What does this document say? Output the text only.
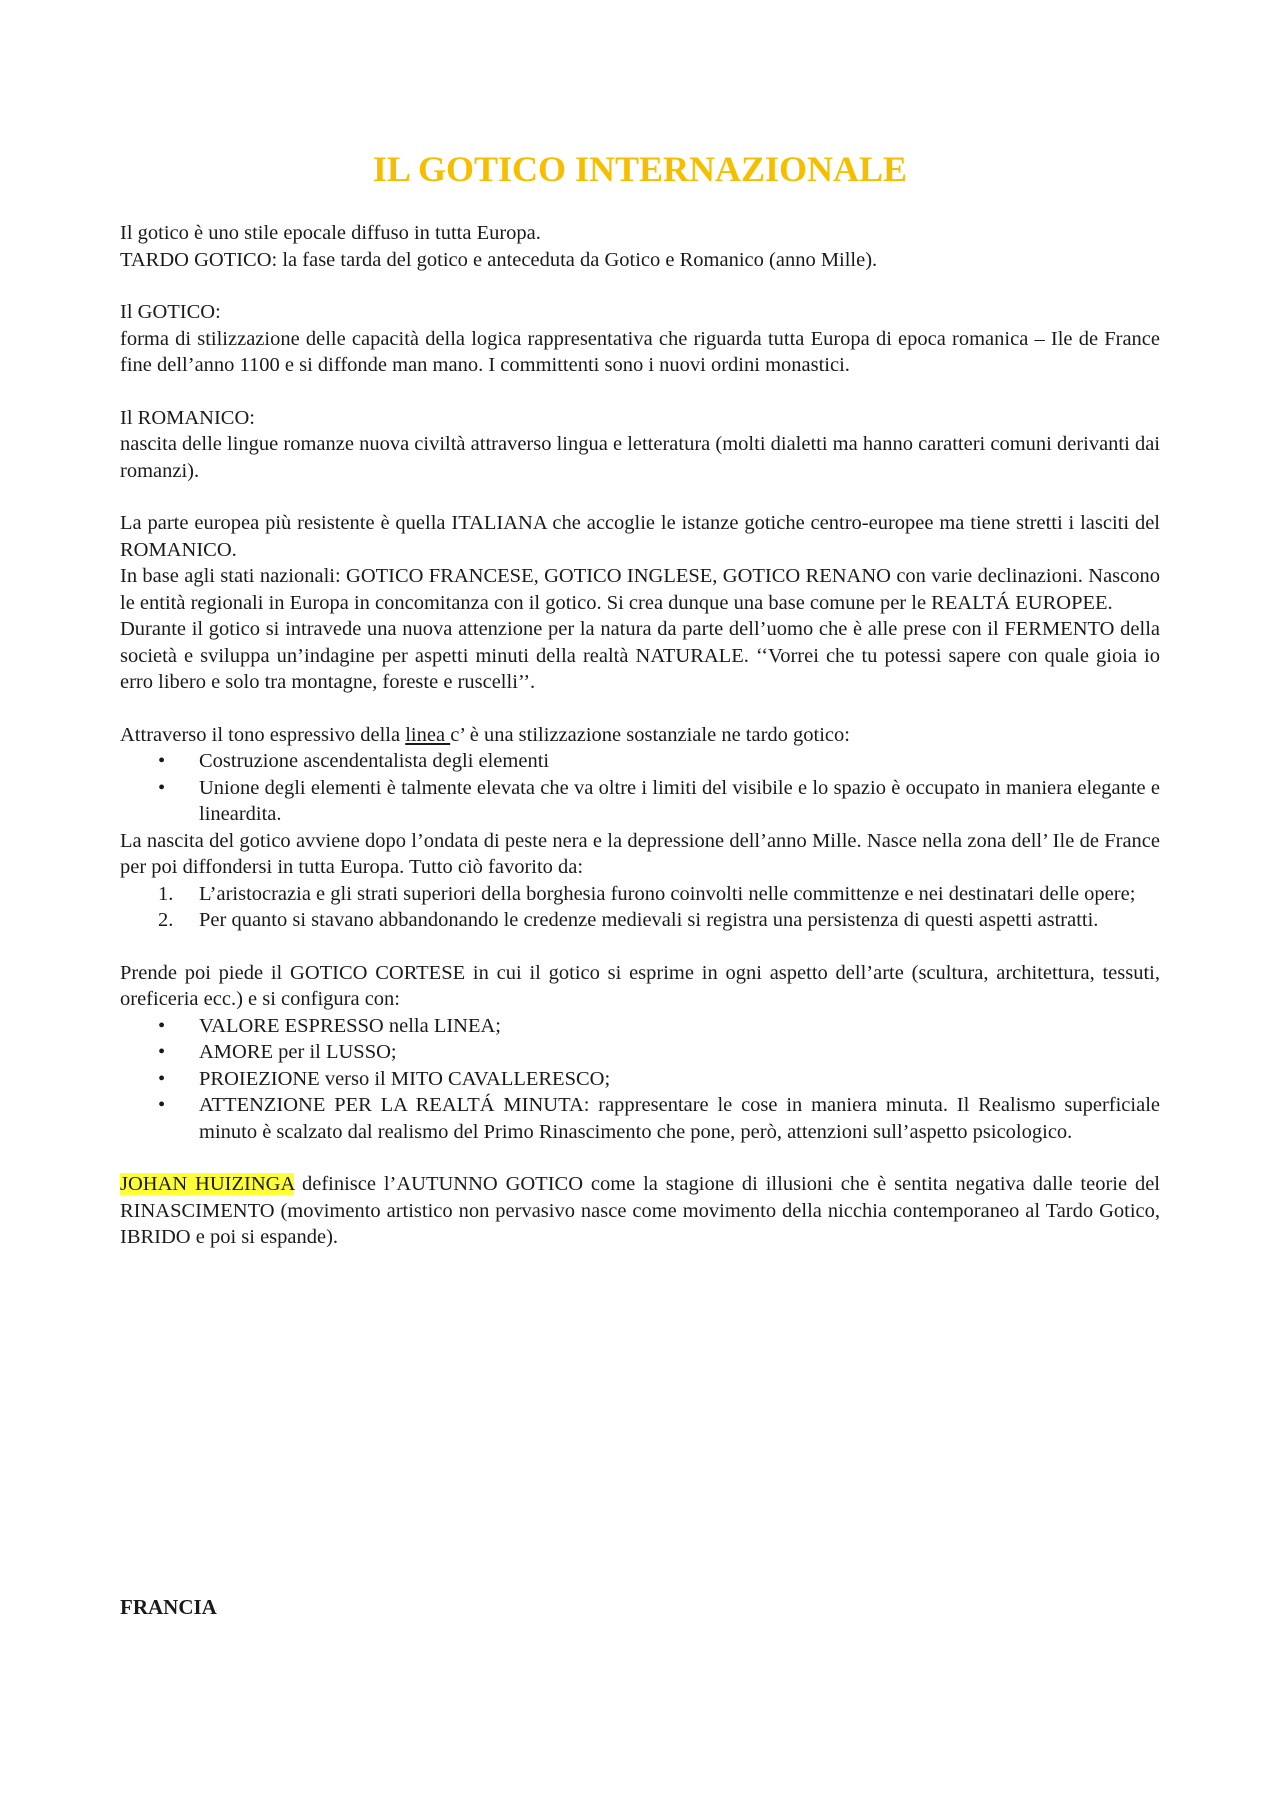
IL GOTICO INTERNAZIONALE

Il gotico è uno stile epocale diffuso in tutta Europa.

TARDO GOTICO: la fase tarda del gotico e anteceduta da Gotico e Romanico (anno Mille).

Il GOTICO:

forma di stilizzazione delle capacità della logica rappresentativa che riguarda tutta Europa di epoca romanica – Ile de France fine dell’anno 1100 e si diffonde man mano. I committenti sono i nuovi ordini monastici.

Il ROMANICO:

nascita delle lingue romanze nuova civiltà attraverso lingua e letteratura (molti dialetti ma hanno caratteri comuni derivanti dai romanzi).

La parte europea più resistente è quella ITALIANA che accoglie le istanze gotiche centro-europee ma tiene stretti i lasciti del ROMANICO.

In base agli stati nazionali: GOTICO FRANCESE, GOTICO INGLESE, GOTICO RENANO con varie declinazioni. Nascono le entità regionali in Europa in concomitanza con il gotico. Si crea dunque una base comune per le REALTÁ EUROPEE.

Durante il gotico si intravede una nuova attenzione per la natura da parte dell’uomo che è alle prese con il FERMENTO della società e sviluppa un’indagine per aspetti minuti della realtà NATURALE. ‘‘Vorrei che tu potessi sapere con quale gioia io erro libero e solo tra montagne, foreste e ruscelli’’.

Attraverso il tono espressivo della linea c’ è una stilizzazione sostanziale ne tardo gotico:

• Costruzione ascendentalista degli elementi
• Unione degli elementi è talmente elevata che va oltre i limiti del visibile e lo spazio è occupato in maniera elegante e lineardita.

La nascita del gotico avviene dopo l’ondata di peste nera e la depressione dell’anno Mille. Nasce nella zona dell’ Ile de France per poi diffondersi in tutta Europa. Tutto ciò favorito da:

1. L’aristocrazia e gli strati superiori della borghesia furono coinvolti nelle committenze e nei destinatari delle opere;
2. Per quanto si stavano abbandonando le credenze medievali si registra una persistenza di questi aspetti astratti.

Prende poi piede il GOTICO CORTESE in cui il gotico si esprime in ogni aspetto dell’arte (scultura, architettura, tessuti, oreficeria ecc.) e si configura con:

• VALORE ESPRESSO nella LINEA;
• AMORE per il LUSSO;
• PROIEZIONE verso il MITO CAVALLERESCO;
• ATTENZIONE PER LA REALTÁ MINUTA: rappresentare le cose in maniera minuta. Il Realismo superficiale minuto è scalzato dal realismo del Primo Rinascimento che pone, però, attenzioni sull’aspetto psicologico.

JOHAN HUIZINGA definisce l’AUTUNNO GOTICO come la stagione di illusioni che è sentita negativa dalle teorie del RINASCIMENTO (movimento artistico non pervasivo nasce come movimento della nicchia contemporaneo al Tardo Gotico, IBRIDO e poi si espande).

FRANCIA
